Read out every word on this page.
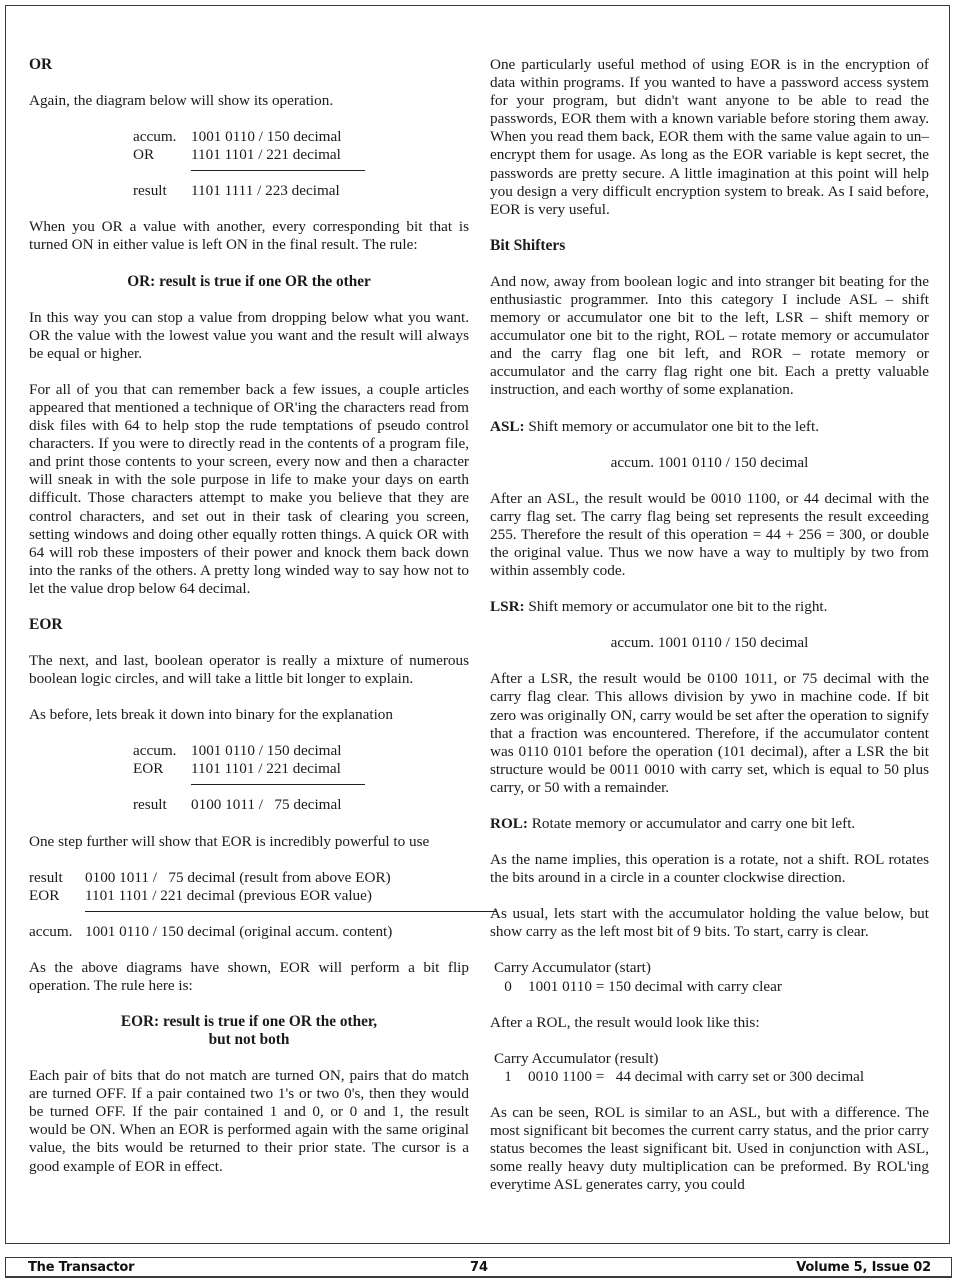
OR

Again, the diagram below will show its operation.

accum. 1001 0110 / 150 decimal
OR	1101 1101 / 221 decimal
result	1101 1111 / 223 decimal

When you OR a value with another, every corresponding bit that is turned ON in either value is left ON in the final result. The rule:

OR: result is true if one OR the other

In this way you can stop a value from dropping below what you want. OR the value with the lowest value you want and the result will always be equal or higher.

For all of you that can remember back a few issues, a couple articles appeared that mentioned a technique of OR'ing the characters read from disk files with 64 to help stop the rude temptations of pseudo control characters. If you were to directly read in the contents of a program file, and print those contents to your screen, every now and then a character will sneak in with the sole purpose in life to make your days on earth difficult. Those characters attempt to make you believe that they are control characters, and set out in their task of clearing you screen, setting windows and doing other equally rotten things. A quick OR with 64 will rob these imposters of their power and knock them back down into the ranks of the others. A pretty long winded way to say how not to let the value drop below 64 decimal.

EOR

The next, and last, boolean operator is really a mixture of numerous boolean logic circles, and will take a little bit longer to explain.

As before, lets break it down into binary for the explanation

accum. 1001 0110 / 150 decimal
EOR	1101 1101 / 221 decimal
result	0100 1011 /   75 decimal

One step further will show that EOR is incredibly powerful to use

result	0100 1011 /   75 decimal (result from above EOR)
EOR	1101 1101 / 221 decimal (previous EOR value)
accum. 1001 0110 / 150 decimal (original accum. content)

As the above diagrams have shown, EOR will perform a bit flip operation. The rule here is:

EOR: result is true if one OR the other,
but not both

Each pair of bits that do not match are turned ON, pairs that do match are turned OFF. If a pair contained two 1's or two 0's, then they would be turned OFF. If the pair contained 1 and 0, or 0 and 1, the result would be ON. When an EOR is performed again with the same original value, the bits would be returned to their prior state. The cursor is a good example of EOR in effect.

One particularly useful method of using EOR is in the encryption of data within programs. If you wanted to have a password access system for your program, but didn't want anyone to be able to read the passwords, EOR them with a known variable before storing them away. When you read them back, EOR them with the same value again to un–encrypt them for usage. As long as the EOR variable is kept secret, the passwords are pretty secure. A little imagination at this point will help you design a very difficult encryption system to break. As I said before, EOR is very useful.

Bit Shifters

And now, away from boolean logic and into stranger bit beating for the enthusiastic programmer. Into this category I include ASL – shift memory or accumulator one bit to the left, LSR – shift memory or accumulator one bit to the right, ROL – rotate memory or accumulator and the carry flag one bit left, and ROR – rotate memory or accumulator and the carry flag right one bit. Each a pretty valuable instruction, and each worthy of some explanation.

ASL: Shift memory or accumulator one bit to the left.

accum. 1001 0110 / 150 decimal

After an ASL, the result would be 0010 1100, or 44 decimal with the carry flag set. The carry flag being set represents the result exceeding 255. Therefore the result of this operation = 44 + 256 = 300, or double the original value. Thus we now have a way to multiply by two from within assembly code.

LSR: Shift memory or accumulator one bit to the right.

accum. 1001 0110 / 150 decimal

After a LSR, the result would be 0100 1011, or 75 decimal with the carry flag clear. This allows division by ywo in machine code. If bit zero was originally ON, carry would be set after the operation to signify that a fraction was encountered. Therefore, if the accumulator content was 0110 0101 before the operation (101 decimal), after a LSR the bit structure would be 0011 0010 with carry set, which is equal to 50 plus carry, or 50 with a remainder.

ROL: Rotate memory or accumulator and carry one bit left.

As the name implies, this operation is a rotate, not a shift. ROL rotates the bits around in a circle in a counter clockwise direction.

As usual, lets start with the accumulator holding the value below, but show carry as the left most bit of 9 bits. To start, carry is clear.

Carry Accumulator (start)
0	1001 0110 = 150 decimal with carry clear

After a ROL, the result would look like this:

Carry Accumulator (result)
1	0010 1100 =   44 decimal with carry set or 300 decimal

As can be seen, ROL is similar to an ASL, but with a difference. The most significant bit becomes the current carry status, and the prior carry status becomes the least significant bit. Used in conjunction with ASL, some really heavy duty multiplication can be preformed. By ROL'ing everytime ASL generates carry, you could

The Transactor	74	Volume 5, Issue 02
